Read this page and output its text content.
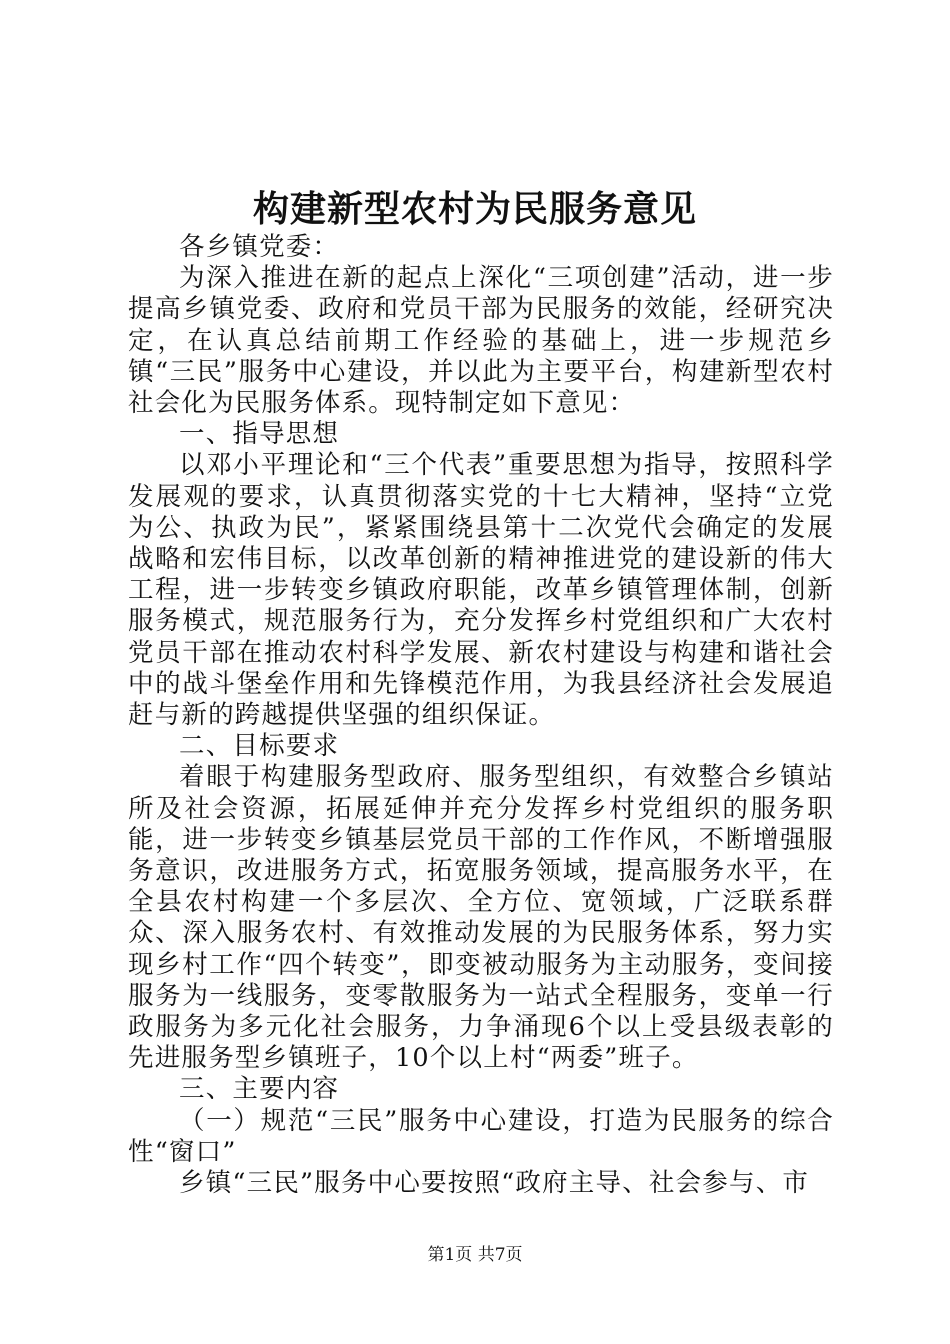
构建新型农村为民服务意见

各乡镇党委：

为深入推进在新的起点上深化“三项创建”活动，进一步提高乡镇党委、政府和党员干部为民服务的效能，经研究决定，在认真总结前期工作经验的基础上，进一步规范乡镇“三民”服务中心建设，并以此为主要平台，构建新型农村社会化为民服务体系。现特制定如下意见：

一、指导思想

以邓小平理论和“三个代表”重要思想为指导，按照科学发展观的要求，认真贯彻落实党的十七大精神，坚持“立党为公、执政为民”，紧紧围绕县第十二次党代会确定的发展战略和宏伟目标，以改革创新的精神推进党的建设新的伟大工程，进一步转变乡镇政府职能，改革乡镇管理体制，创新服务模式，规范服务行为，充分发挥乡村党组织和广大农村党员干部在推动农村科学发展、新农村建设与构建和谐社会中的战斗堡垒作用和先锋模范作用，为我县经济社会发展追赶与新的跨越提供坚强的组织保证。

二、目标要求

着眼于构建服务型政府、服务型组织，有效整合乡镇站所及社会资源，拓展延伸并充分发挥乡村党组织的服务职能，进一步转变乡镇基层党员干部的工作作风，不断增强服务意识，改进服务方式，拓宽服务领域，提高服务水平，在全县农村构建一个多层次、全方位、宽领域，广泛联系群众、深入服务农村、有效推动发展的为民服务体系，努力实现乡村工作“四个转变”，即变被动服务为主动服务，变间接服务为一线服务，变零散服务为一站式全程服务，变单一行政服务为多元化社会服务，力争涌现6个以上受县级表彰的先进服务型乡镇班子，10个以上村“两委”班子。

三、主要内容

（一）规范“三民”服务中心建设，打造为民服务的综合性“窗口”

乡镇“三民”服务中心要按照“政府主导、社会参与、市

第1页 共7页
